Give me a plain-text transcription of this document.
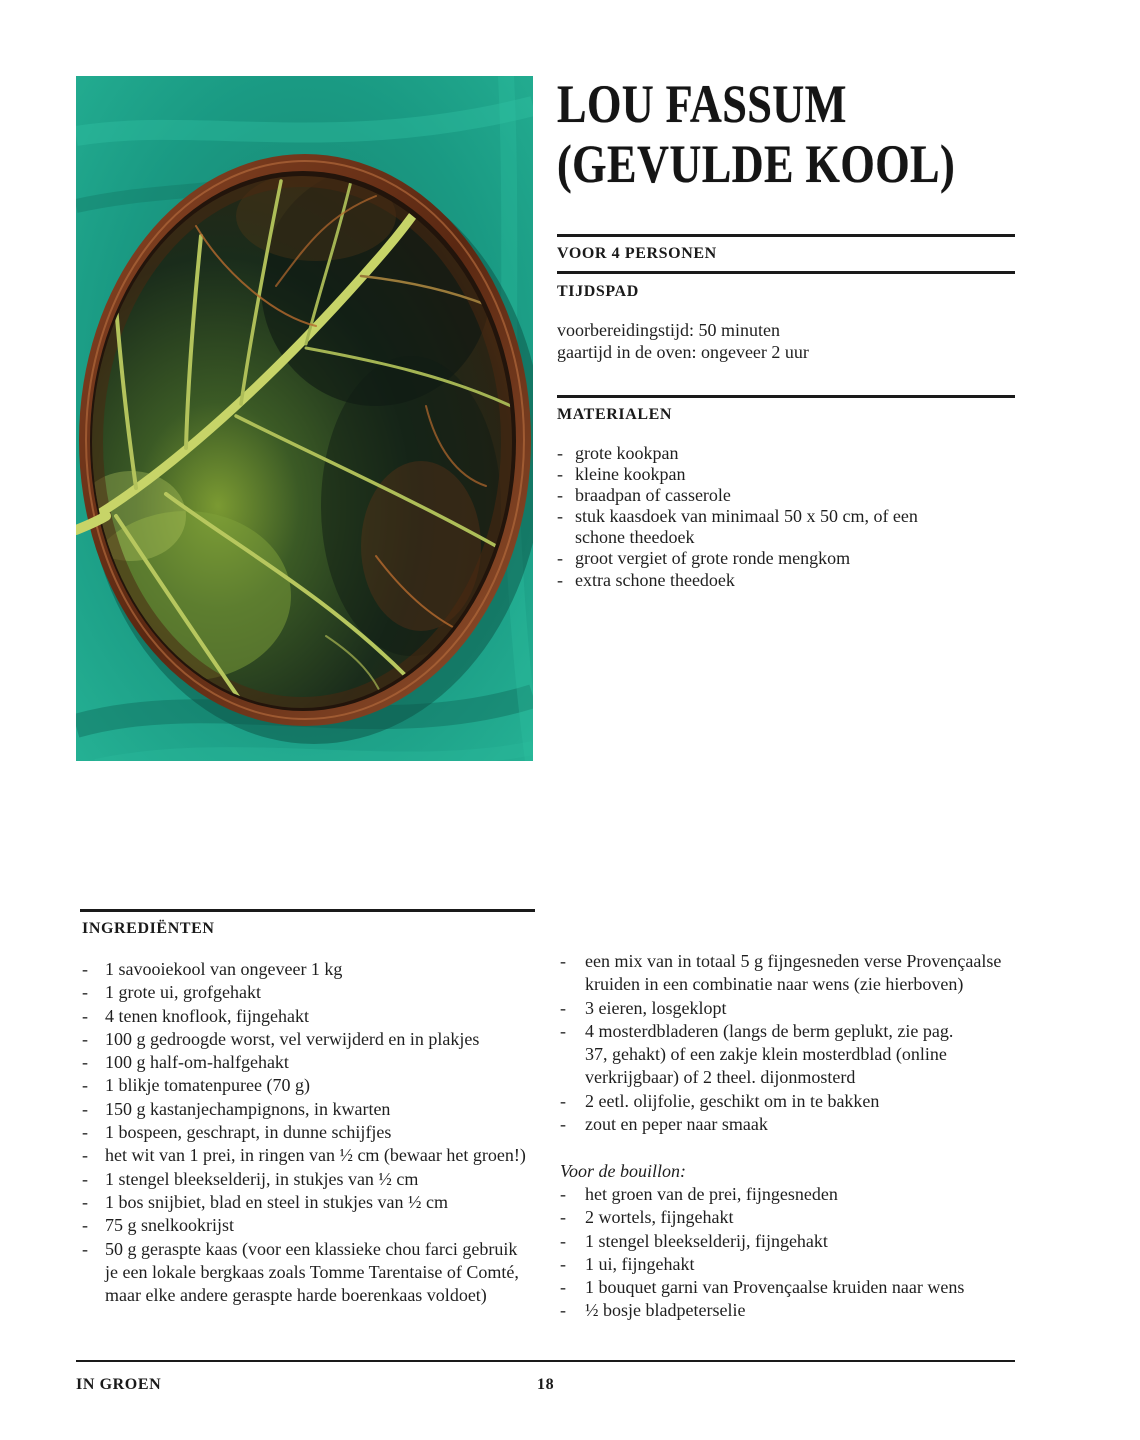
LOU FASSUM
(GEVULDE KOOL)
VOOR 4 PERSONEN
TIJDSPAD
voorbereidingstijd: 50 minuten
gaartijd in de oven: ongeveer 2 uur
MATERIALEN
- grote kookpan
- kleine kookpan
- braadpan of casserole
- stuk kaasdoek van minimaal 50 x 50 cm, of een schone theedoek
- groot vergiet of grote ronde mengkom
- extra schone theedoek
INGREDIËNTEN
- 1 savooiekool van ongeveer 1 kg
- 1 grote ui, grofgehakt
- 4 tenen knoflook, fijngehakt
- 100 g gedroogde worst, vel verwijderd en in plakjes
- 100 g half-om-halfgehakt
- 1 blikje tomatenpuree (70 g)
- 150 g kastanjechampignons, in kwarten
- 1 bospeen, geschrapt, in dunne schijfjes
- het wit van 1 prei, in ringen van ½ cm (bewaar het groen!)
- 1 stengel bleekselderij, in stukjes van ½ cm
- 1 bos snijbiet, blad en steel in stukjes van ½ cm
- 75 g snelkookrijst
- 50 g geraspte kaas (voor een klassieke chou farci gebruik je een lokale bergkaas zoals Tomme Tarentaise of Comté, maar elke andere geraspte harde boerenkaas voldoet)
- een mix van in totaal 5 g fijngesneden verse Provençaalse kruiden in een combinatie naar wens (zie hierboven)
- 3 eieren, losgeklopt
- 4 mosterdbladeren (langs de berm geplukt, zie pag. 37, gehakt) of een zakje klein mosterdblad (online verkrijgbaar) of 2 theel. dijonmosterd
- 2 eetl. olijfolie, geschikt om in te bakken
- zout en peper naar smaak
Voor de bouillon:
- het groen van de prei, fijngesneden
- 2 wortels, fijngehakt
- 1 stengel bleekselderij, fijngehakt
- 1 ui, fijngehakt
- 1 bouquet garni van Provençaalse kruiden naar wens
- ½ bosje bladpeterselie
IN GROEN	18
